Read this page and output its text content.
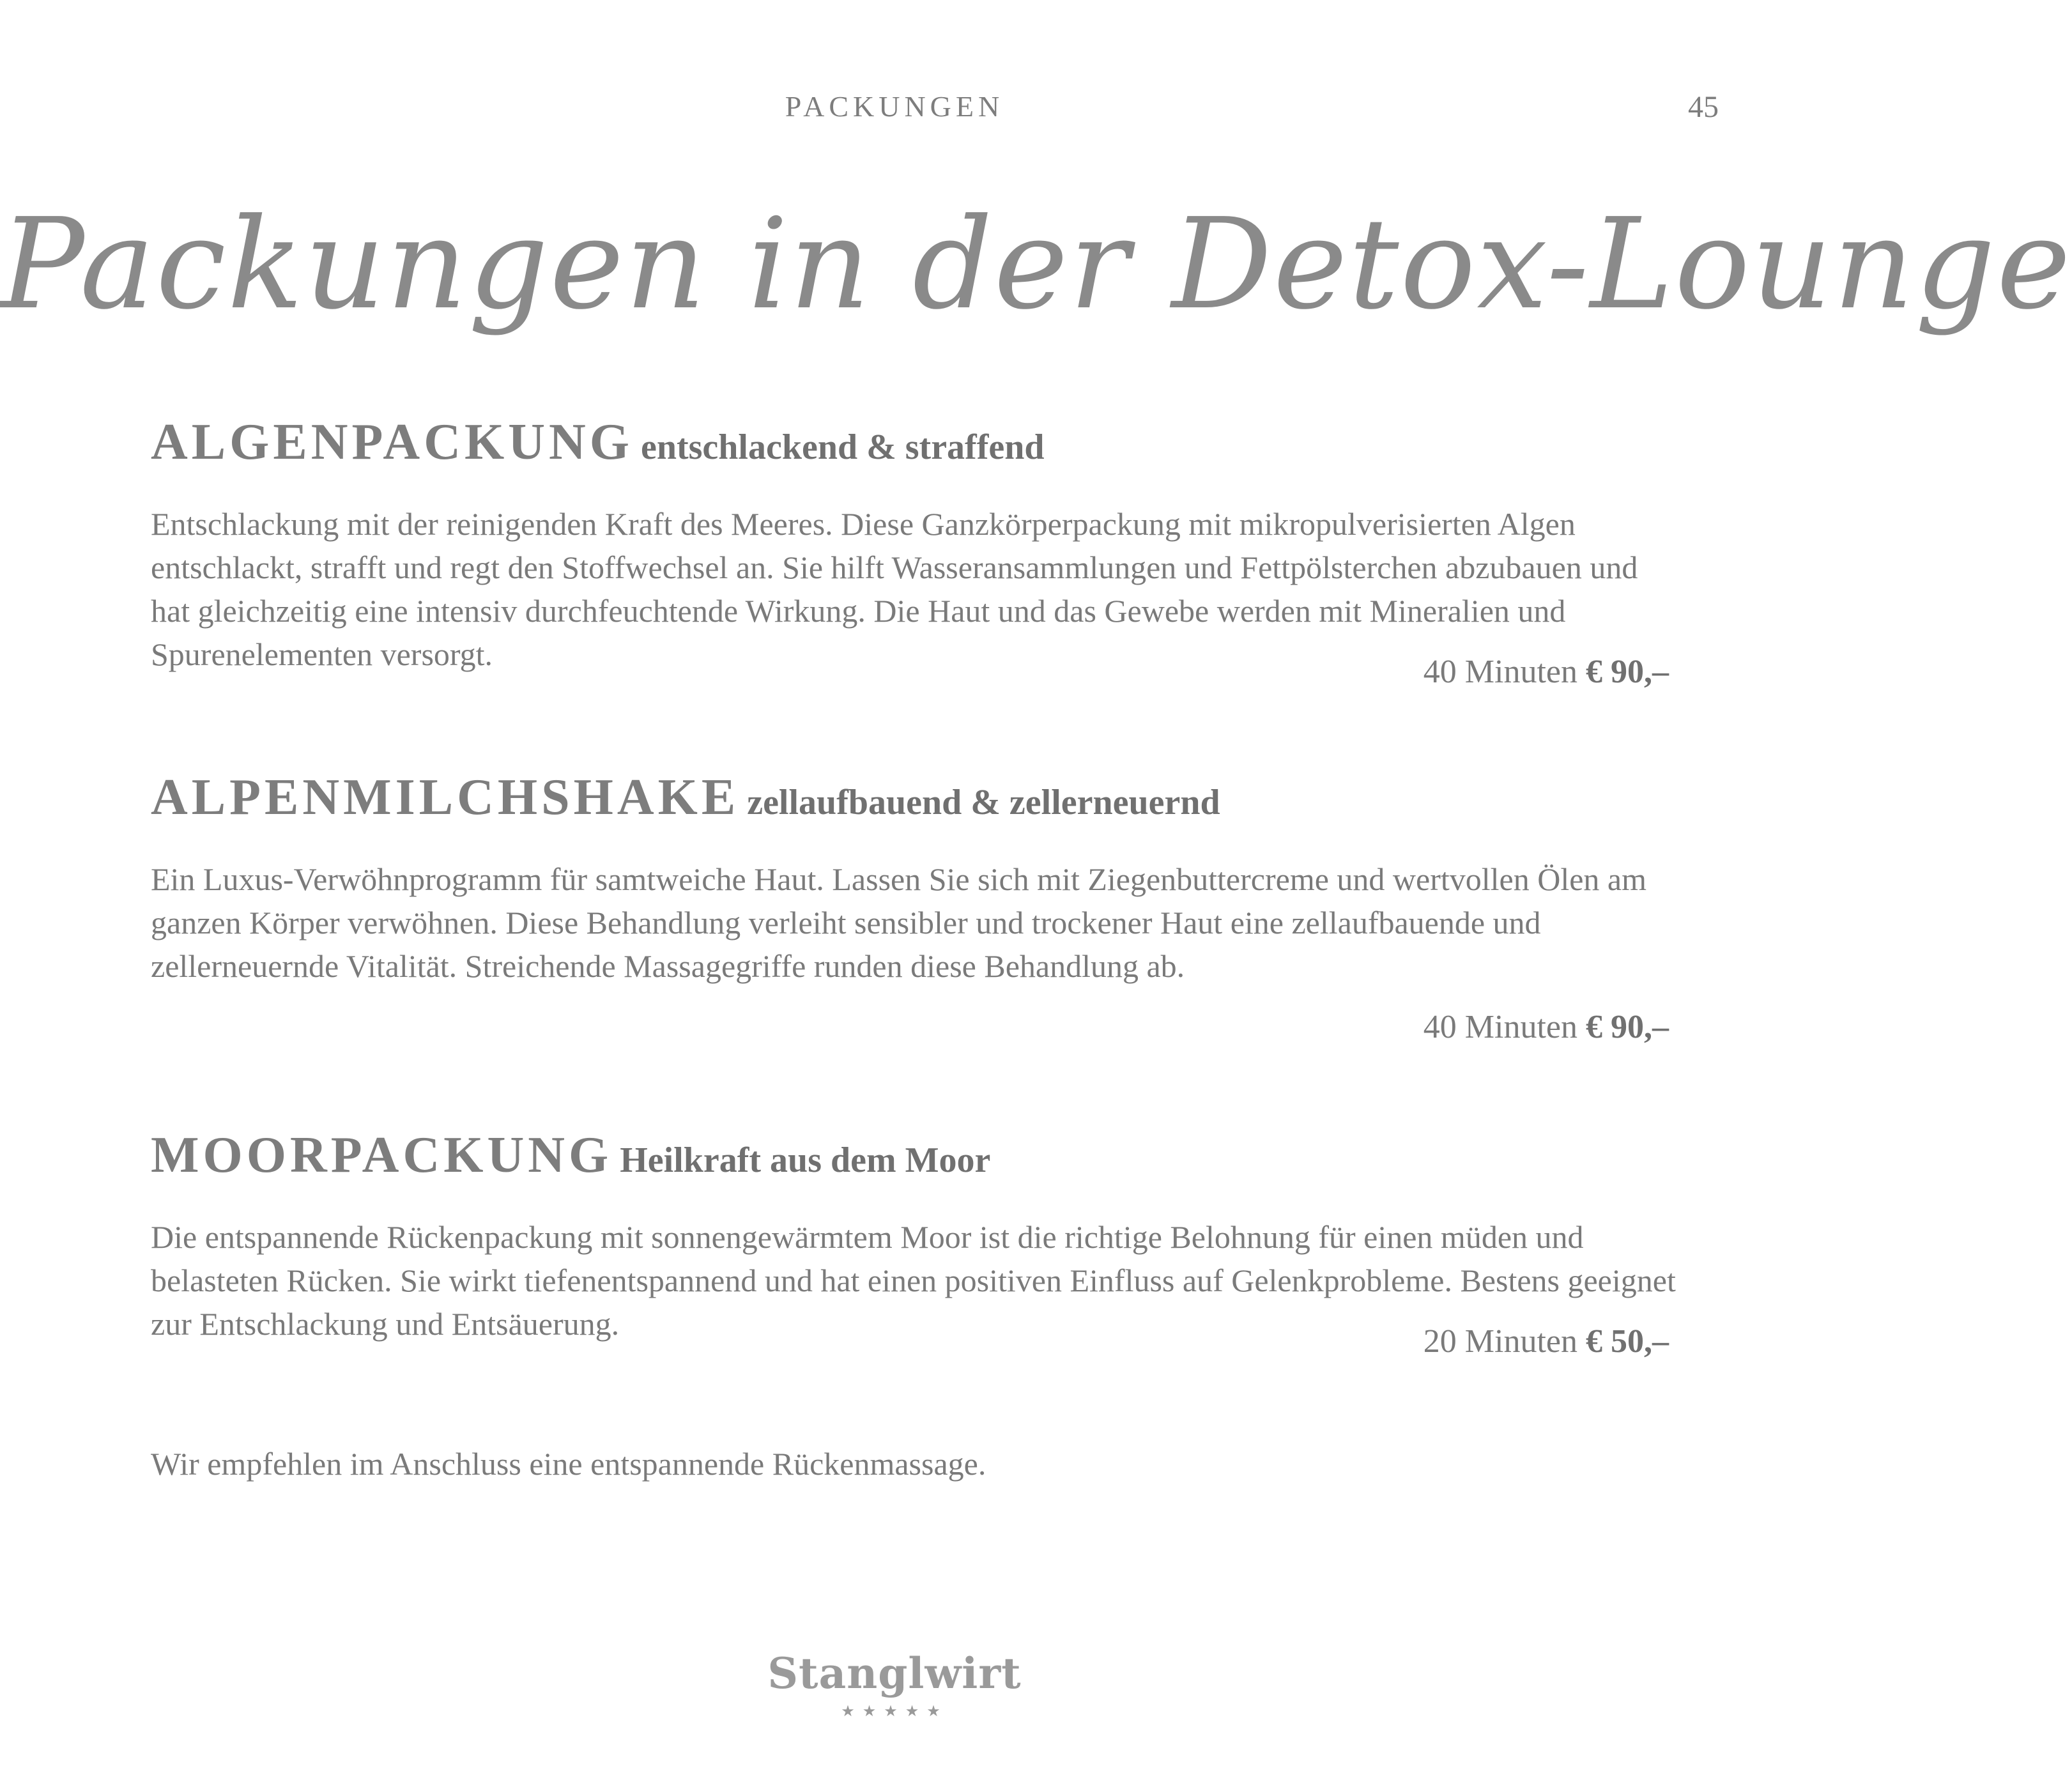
PACKUNGEN	45
Packungen in der Detox-Lounge
ALGENPACKUNG entschlackend & straffend

Entschlackung mit der reinigenden Kraft des Meeres. Diese Ganzkörperpackung mit mikropulverisierten Algen entschlackt, strafft und regt den Stoffwechsel an. Sie hilft Wasseransammlungen und Fettpölsterchen abzubauen und hat gleichzeitig eine intensiv durchfeuchtende Wirkung. Die Haut und das Gewebe werden mit Mineralien und Spurenelementen versorgt.	40 Minuten € 90,–
ALPENMILCHSHAKE zellaufbauend & zellerneuernd

Ein Luxus-Verwöhnprogramm für samtweiche Haut. Lassen Sie sich mit Ziegenbuttercreme und wertvollen Ölen am ganzen Körper verwöhnen. Diese Behandlung verleiht sensibler und trockener Haut eine zellaufbauende und zellerneuernde Vitalität. Streichende Massagegriffe runden diese Behandlung ab.

40 Minuten € 90,–
MOORPACKUNG Heilkraft aus dem Moor

Die entspannende Rückenpackung mit sonnengewärmtem Moor ist die richtige Belohnung für einen müden und belasteten Rücken. Sie wirkt tiefenentspannend und hat einen positiven Einfluss auf Gelenkprobleme. Bestens geeignet zur Entschlackung und Entsäuerung.	20 Minuten € 50,–
Wir empfehlen im Anschluss eine entspannende Rückenmassage.
Stanglwirt
★★★★★
